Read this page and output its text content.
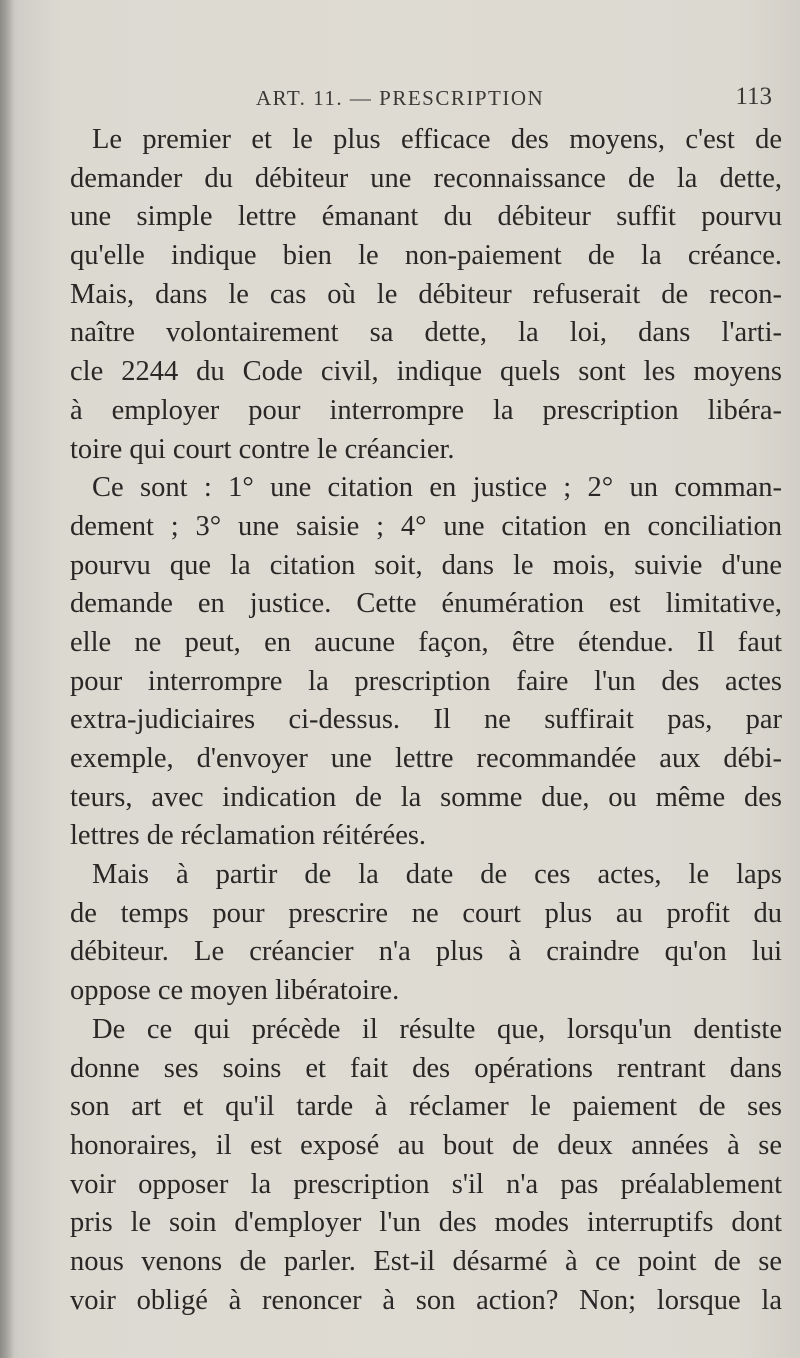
ART. 11. — PRESCRIPTION	113
Le premier et le plus efficace des moyens, c'est de
demander du débiteur une reconnaissance de la dette,
une simple lettre émanant du débiteur suffit pourvu
qu'elle indique bien le non-paiement de la créance.
Mais, dans le cas où le débiteur refuserait de recon-
naître volontairement sa dette, la loi, dans l'arti-
cle 2244 du Code civil, indique quels sont les moyens
à employer pour interrompre la prescription libéra-
toire qui court contre le créancier.
Ce sont : 1° une citation en justice ; 2° un comman-
dement ; 3° une saisie ; 4° une citation en conciliation
pourvu que la citation soit, dans le mois, suivie d'une
demande en justice. Cette énumération est limitative,
elle ne peut, en aucune façon, être étendue. Il faut
pour interrompre la prescription faire l'un des actes
extra-judiciaires ci-dessus. Il ne suffirait pas, par
exemple, d'envoyer une lettre recommandée aux débi-
teurs, avec indication de la somme due, ou même des
lettres de réclamation réitérées.
Mais à partir de la date de ces actes, le laps
de temps pour prescrire ne court plus au profit du
débiteur. Le créancier n'a plus à craindre qu'on lui
oppose ce moyen libératoire.
De ce qui précède il résulte que, lorsqu'un dentiste
donne ses soins et fait des opérations rentrant dans
son art et qu'il tarde à réclamer le paiement de ses
honoraires, il est exposé au bout de deux années à se
voir opposer la prescription s'il n'a pas préalablement
pris le soin d'employer l'un des modes interruptifs dont
nous venons de parler. Est-il désarmé à ce point de se
voir obligé à renoncer à son action? Non; lorsque la
